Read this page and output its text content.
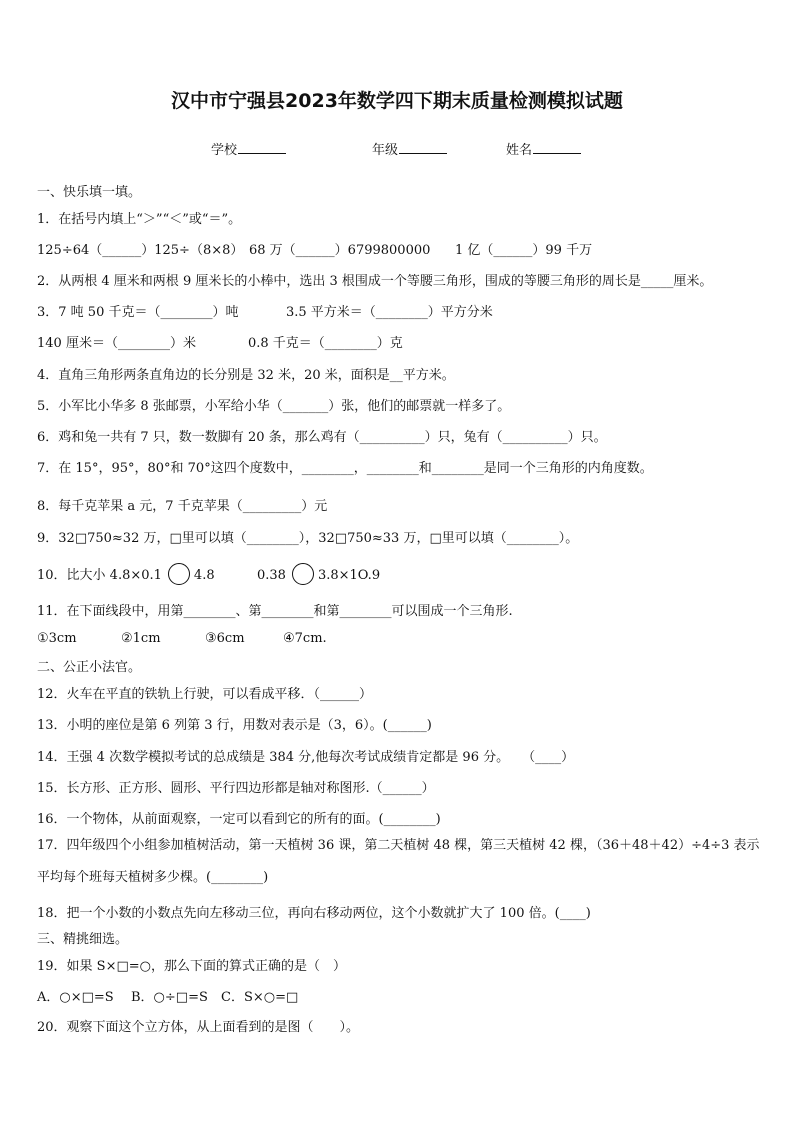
汉中市宁强县2023年数学四下期末质量检测模拟试题
学校	年级	姓名
一、快乐填一填。
1．在括号内填上“＞”“＜”或“＝”。
125÷64（______）125÷（8×8） 68 万（______）6799800000 1 亿（______）99 千万
2．从两根 4 厘米和两根 9 厘米长的小棒中，选出 3 根围成一个等腰三角形，围成的等腰三角形的周长是_____厘米。
3．7 吨 50 千克＝（________）吨	3.5 平方米＝（________）平方分米
140 厘米＝（________）米	0.8 千克＝（________）克
4．直角三角形两条直角边的长分别是 32 米，20 米，面积是__平方米。
5．小军比小华多 8 张邮票，小军给小华（_______）张，他们的邮票就一样多了。
6．鸡和兔一共有 7 只，数一数脚有 20 条，那么鸡有（__________）只，兔有（__________）只。
7．在 15°，95°，80°和 70°这四个度数中，________，________和________是同一个三角形的内角度数。
8．每千克苹果 a 元，7 千克苹果（_________）元
9．32□750≈32 万，□里可以填（________），32□750≈33 万，□里可以填（________）。
10．比大小 4.8×0.1 4.8	0.38 3.8×1O.9
11．在下面线段中，用第________、第________和第________可以围成一个三角形.
①3cm	②1cm	③6cm	④7cm.
二、公正小法官。
12．火车在平直的铁轨上行驶，可以看成平移．（______）
13．小明的座位是第 6 列第 3 行，用数对表示是（3，6）。(______)
14．王强 4 次数学模拟考试的总成绩是 384 分,他每次考试成绩肯定都是 96 分。　　（____）
15．长方形、正方形、圆形、平行四边形都是轴对称图形.（______）
16．一个物体，从前面观察，一定可以看到它的所有的面。(________)
17．四年级四个小组参加植树活动，第一天植树 36 课，第二天植树 48 棵，第三天植树 42 棵，（36＋48＋42）÷4÷3 表示平均每个班每天植树多少棵。(________)
18．把一个小数的小数点先向左移动三位，再向右移动两位，这个小数就扩大了 100 倍。(____)
三、精挑细选。
19．如果 S×□=○，那么下面的算式正确的是（　）
A．○×□=S B．○÷□=S C．S×○=□
20．观察下面这个立方体，从上面看到的是图（　　）。
